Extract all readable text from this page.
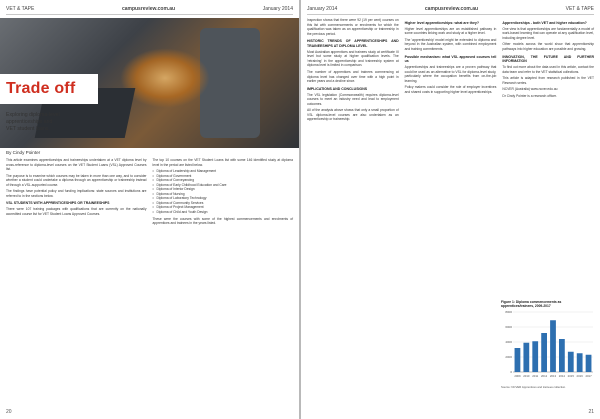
VET & TAPE	campusreview.com.au	January 2014
Trade off
Exploring diploma-level apprenticeships and VET student loans.
By Cindy Pointer

This article examines apprenticeships and traineeships undertaken at a VET diploma level by cross-reference to diploma-level courses on the VET Student Loans (VSL) Approved Courses list.

The purpose is to examine which courses may be taken in more than one way, and to consider whether a student could undertake a diploma through an apprenticeship or traineeship instead of through a VSL-supported course.

The findings have potential policy and funding implications: state sources and institutions are referred to in the sections below.

VSL STUDENTS WITH APPRENTICESHIPS OR TRAINEESHIPS

There were 107 training packages with qualifications that are currently on the nationally accredited course list for VET Student Loans Approved Courses.

The top 10 courses on the VET Student Loans list with some 146 identified study at diploma level in the period are listed below.

• Diploma of Leadership and Management
• Diploma of Government
• Diploma of Conveyancing
• Diploma of Early Childhood Education and Care
• Diploma of Interior Design
• Diploma of Nursing
• Diploma of Laboratory Technology
• Diploma of Community Services
• Diploma of Project Management
• Diploma of Child and Youth Design

These were the courses with some of the highest commencements and enrolments of apprentices and trainees in the years listed.

20
January 2014	campusreview.com.au	VET & TAPE

Inspection shows that there were 92 (19 per cent) courses on this list with commencements or enrolments for which the qualification was taken as an apprenticeship or traineeship in the previous period.

HISTORIC TRENDS OF APPRENTICESHIPS AND TRAINEESHIPS AT DIPLOMA LEVEL

Most Australian apprentices and trainees study at certificate III level but some study at higher qualification levels. The 'retraining' in the apprenticeship and traineeship system at diploma level is limited in comparison.

The number of apprentices and trainees commencing at diploma level has changed over time with a high point in earlier years and a decline since.

IMPLICATIONS AND CONCLUSIONS

The VSL legislation (Commonwealth) requires diploma-level courses to meet an industry need and lead to employment outcomes.

All of the analysis above shows that only a small proportion of VSL diploma-level courses are also undertaken as an apprenticeship or traineeship.

Higher level apprenticeships: what are they?

Higher level apprenticeships are an established pathway in some countries linking work and study at a higher level.

The 'apprenticeship' model might be extended to diploma and beyond in the Australian system, with combined employment and training commitments.

Possible mechanism: what VSL approved courses tell us

Apprenticeships and traineeships are a proven pathway that could be used as an alternative to VSL for diploma-level study, particularly where the occupation benefits from on-the-job learning.

Policy makers could consider the role of employer incentives and shared costs in supporting higher level apprenticeships.

Apprenticeships - both VET and higher education?

One view is that apprenticeships are fundamentally a model of work-based learning that can operate at any qualification level, including degree level.

Other models across the world show that apprenticeship pathways into higher education are possible and growing.

INNOVATION, THE FUTURE AND FURTHER INFORMATION

To find out more about the data used in this article, contact the data team and refer to the VET statistical collections.

This article is adapted from research published in the VET Research series.

NCVER (Australia) www.ncver.edu.au

Dr Cindy Pointer is a research officer.

Figure 1: Diploma commencements as apprentices/trainees, 2009-2017
0
2000
4000
6000
8000
2009 2010 2011 2012 2013 2014 2015 2016 2017
Source: NCVER Apprentices and trainees collection.
21
